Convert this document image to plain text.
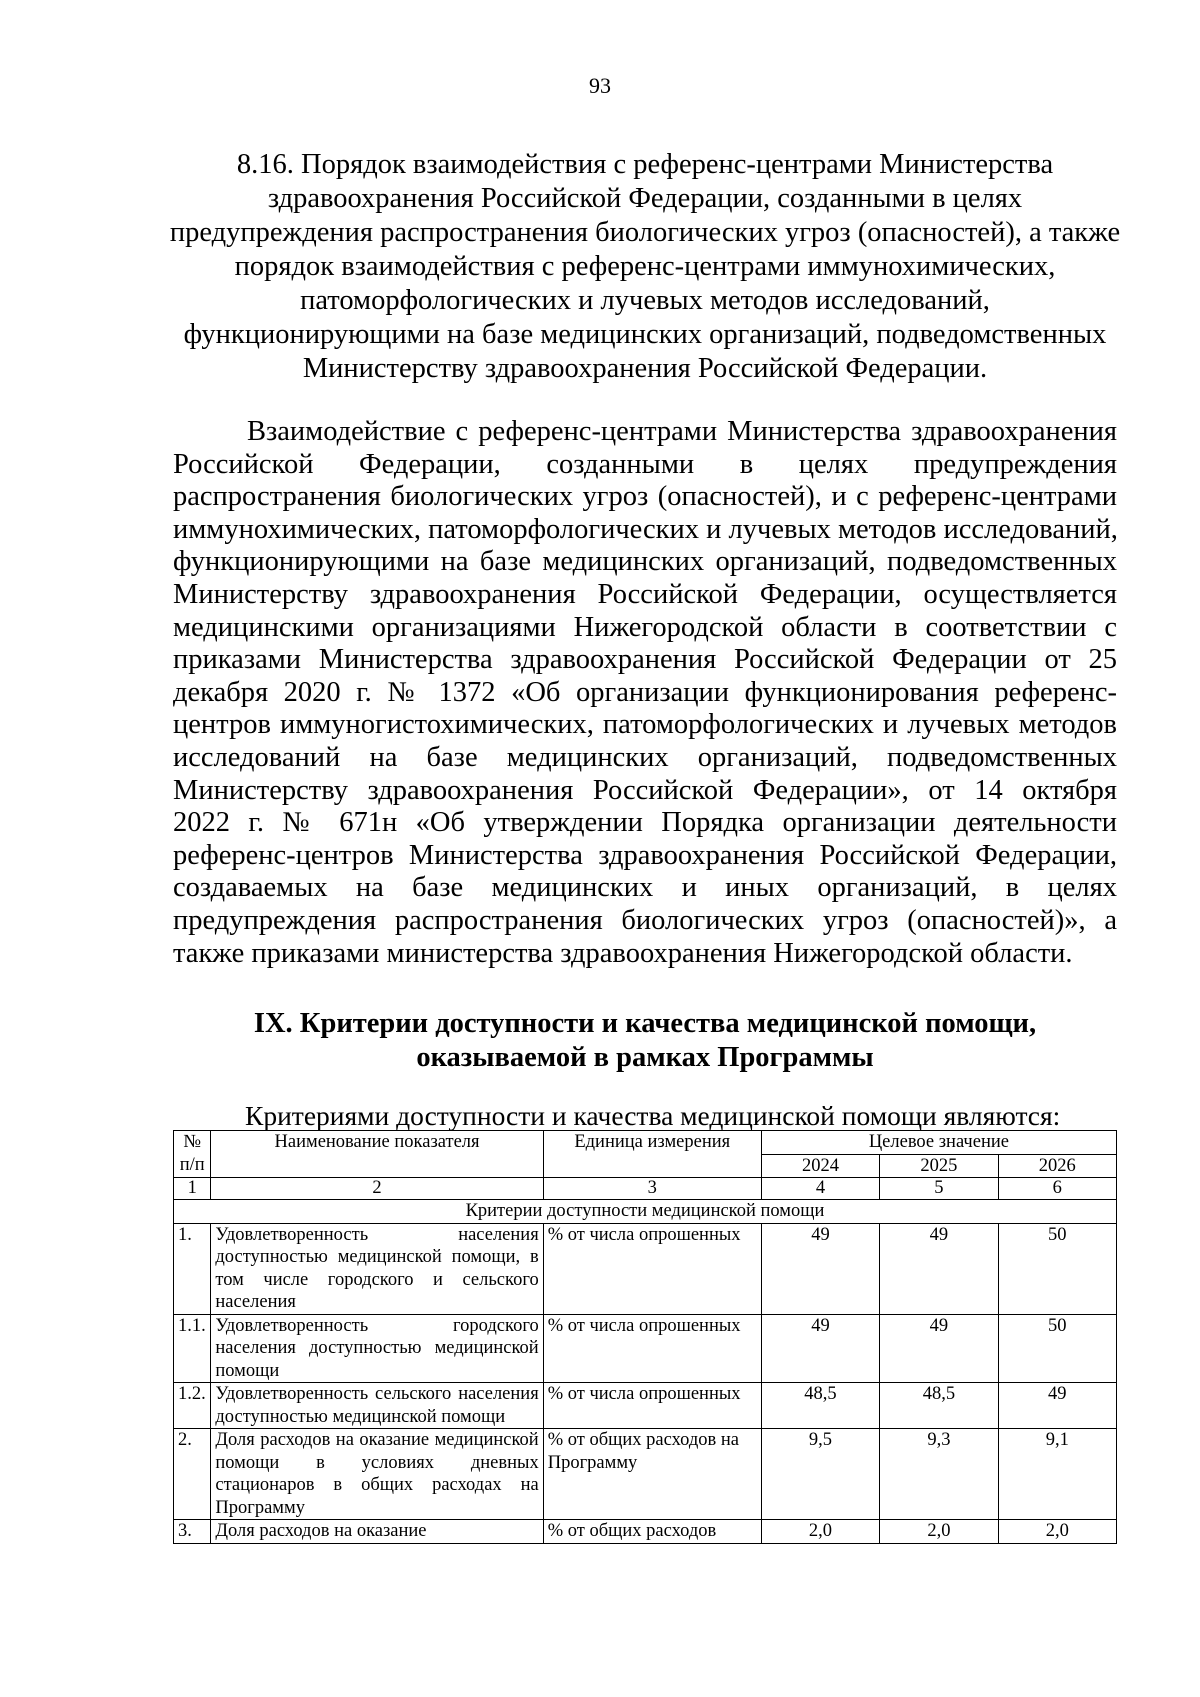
93
8.16. Порядок взаимодействия с референс-центрами Министерства
здравоохранения Российской Федерации, созданными в целях
предупреждения распространения биологических угроз (опасностей), а также
порядок взаимодействия с референс-центрами иммунохимических,
патоморфологических и лучевых методов исследований,
функционирующими на базе медицинских организаций, подведомственных
Министерству здравоохранения Российской Федерации.
Взаимодействие с референс-центрами Министерства здравоохранения
Российской Федерации, созданными в целях предупреждения
распространения биологических угроз (опасностей), и с референс-центрами
иммунохимических, патоморфологических и лучевых методов исследований,
функционирующими на базе медицинских организаций, подведомственных
Министерству здравоохранения Российской Федерации, осуществляется
медицинскими организациями Нижегородской области в соответствии с
приказами Министерства здравоохранения Российской Федерации от 25
декабря 2020 г. № 1372 «Об организации функционирования референс-
центров иммуногистохимических, патоморфологических и лучевых методов
исследований на базе медицинских организаций, подведомственных
Министерству здравоохранения Российской Федерации», от 14 октября
2022 г. № 671н «Об утверждении Порядка организации деятельности
референс-центров Министерства здравоохранения Российской Федерации,
создаваемых на базе медицинских и иных организаций, в целях
предупреждения распространения биологических угроз (опасностей)», а
также приказами министерства здравоохранения Нижегородской области.
IX. Критерии доступности и качества медицинской помощи,
оказываемой в рамках Программы
Критериями доступности и качества медицинской помощи являются:
№ п/п	Наименование показателя	Единица измерения	Целевое значение		
			2024	2025	2026
1	2	3	4	5	6
Критерии доступности медицинской помощи					
1.	Удовлетворенность населения доступностью медицинской помощи, в том числе городского и сельского населения	% от числа опрошенных	49	49	50
1.1.	Удовлетворенность городского населения доступностью медицинской помощи	% от числа опрошенных	49	49	50
1.2.	Удовлетворенность сельского населения доступностью медицинской помощи	% от числа опрошенных	48,5	48,5	49
2.	Доля расходов на оказание медицинской помощи в условиях дневных стационаров в общих расходах на Программу	% от общих расходов на Программу	9,5	9,3	9,1
3.	Доля расходов на оказание	% от общих расходов	2,0	2,0	2,0
